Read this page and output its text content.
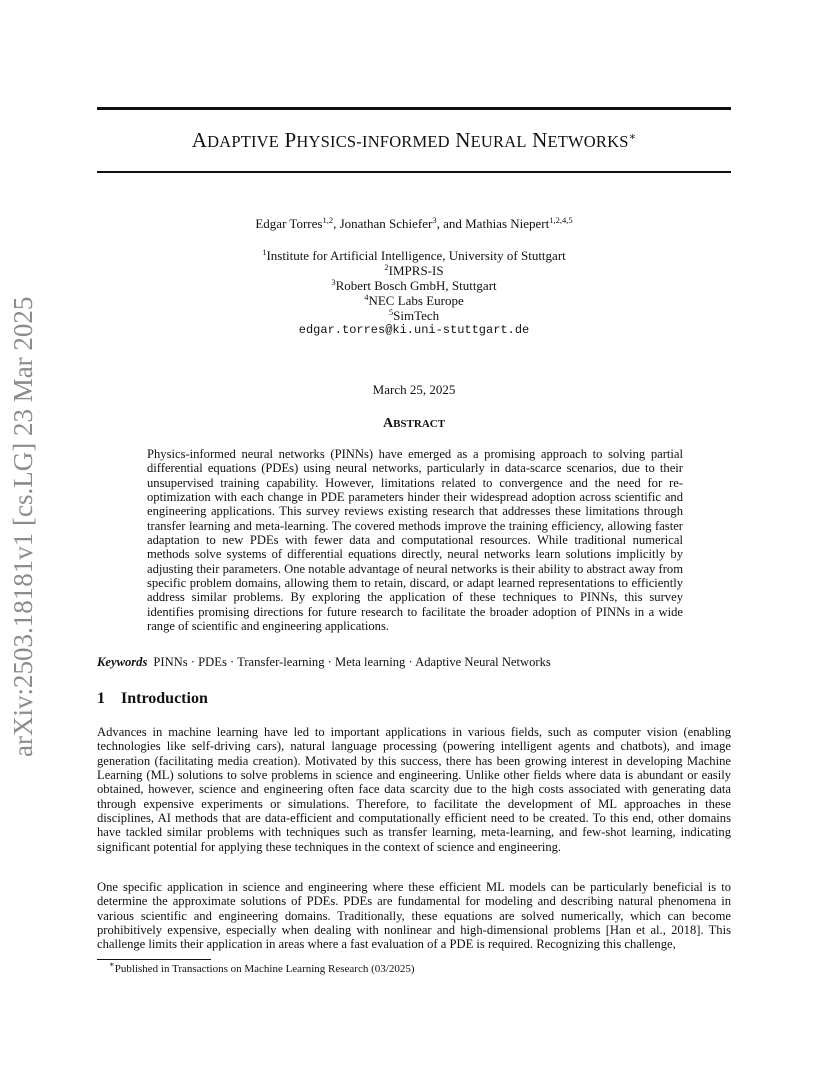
arXiv:2503.18181v1 [cs.LG] 23 Mar 2025
ADAPTIVE PHYSICS-INFORMED NEURAL NETWORKS∗
Edgar Torres$^{1,2}$, Jonathan Schiefer$^3$, and Mathias Niepert$^{1,2,4,5}$
$^1$Institute for Artificial Intelligence, University of Stuttgart
$^2$IMPRS-IS
$^3$Robert Bosch GmbH, Stuttgart
$^4$NEC Labs Europe
$^5$SimTech
edgar.torres@ki.uni-stuttgart.de
March 25, 2025
ABSTRACT
Physics-informed neural networks (PINNs) have emerged as a promising approach to solving partial differential equations (PDEs) using neural networks, particularly in data-scarce scenarios, due to their unsupervised training capability. However, limitations related to convergence and the need for re-optimization with each change in PDE parameters hinder their widespread adoption across scientific and engineering applications. This survey reviews existing research that addresses these limitations through transfer learning and meta-learning. The covered methods improve the training efficiency, allowing faster adaptation to new PDEs with fewer data and computational resources. While traditional numerical methods solve systems of differential equations directly, neural networks learn solutions implicitly by adjusting their parameters. One notable advantage of neural networks is their ability to abstract away from specific problem domains, allowing them to retain, discard, or adapt learned representations to efficiently address similar problems. By exploring the application of these techniques to PINNs, this survey identifies promising directions for future research to facilitate the broader adoption of PINNs in a wide range of scientific and engineering applications.
Keywords PINNs · PDEs · Transfer-learning · Meta learning · Adaptive Neural Networks
1 Introduction
Advances in machine learning have led to important applications in various fields, such as computer vision (enabling technologies like self-driving cars), natural language processing (powering intelligent agents and chatbots), and image generation (facilitating media creation). Motivated by this success, there has been growing interest in developing Machine Learning (ML) solutions to solve problems in science and engineering. Unlike other fields where data is abundant or easily obtained, however, science and engineering often face data scarcity due to the high costs associated with generating data through expensive experiments or simulations. Therefore, to facilitate the development of ML approaches in these disciplines, AI methods that are data-efficient and computationally efficient need to be created. To this end, other domains have tackled similar problems with techniques such as transfer learning, meta-learning, and few-shot learning, indicating significant potential for applying these techniques in the context of science and engineering.
One specific application in science and engineering where these efficient ML models can be particularly beneficial is to determine the approximate solutions of PDEs. PDEs are fundamental for modeling and describing natural phenomena in various scientific and engineering domains. Traditionally, these equations are solved numerically, which can become prohibitively expensive, especially when dealing with nonlinear and high-dimensional problems [Han et al., 2018]. This challenge limits their application in areas where a fast evaluation of a PDE is required. Recognizing this challenge,
∗Published in Transactions on Machine Learning Research (03/2025)
